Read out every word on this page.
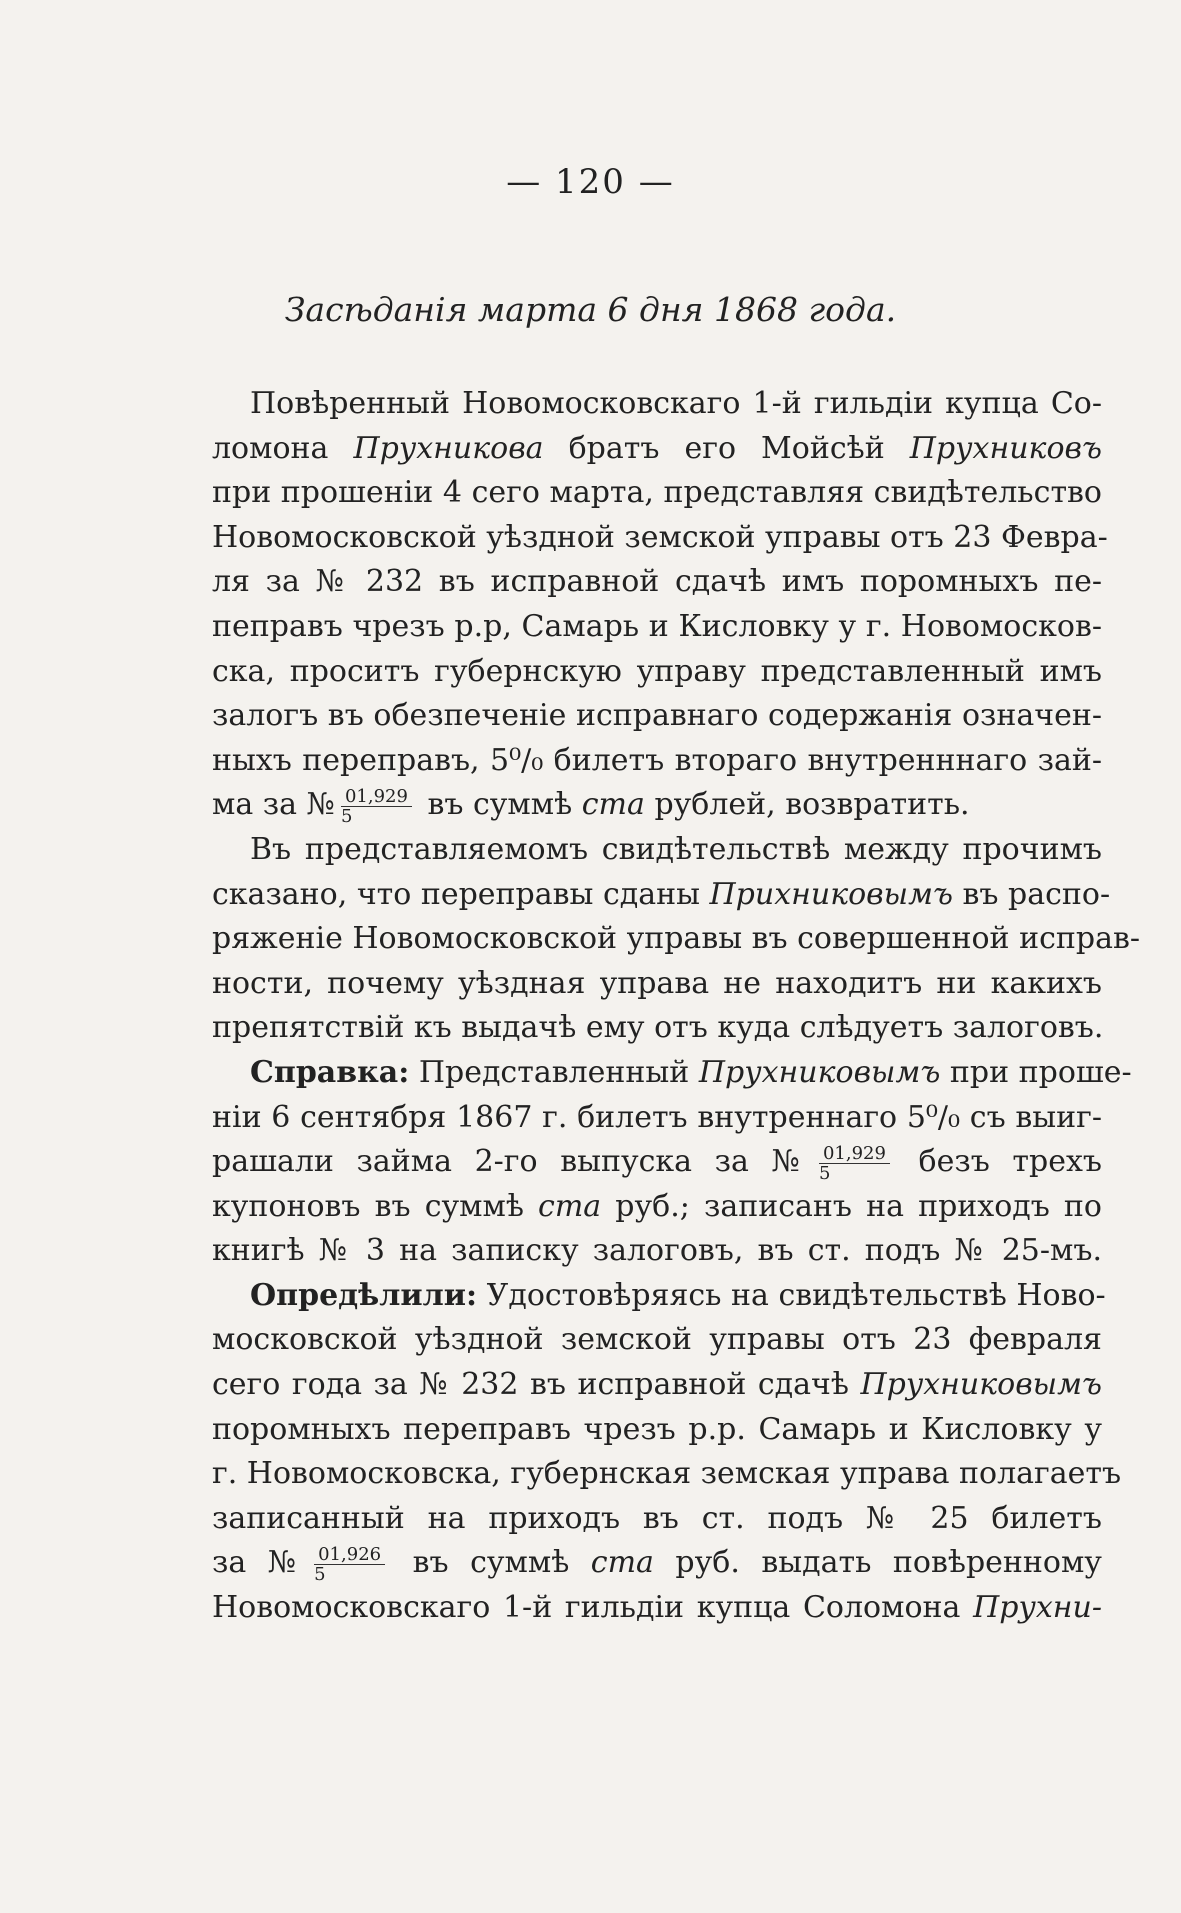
— 120 —
Засѣданія марта 6 дня 1868 года.
Повѣренный Новомосковскаго 1-й гильдіи купца Со-
ломона Прухникова братъ его Мойсѣй Прухниковъ
при прошеніи 4 сего марта, представляя свидѣтельство
Новомосковской уѣздной земской управы отъ 23 Февра-
ля за № 232 въ исправной сдачѣ имъ поромныхъ пе-
пеправъ чрезъ р.р, Самарь и Кисловку у г. Новомосков-
ска, проситъ губернскую управу представленный имъ
залогъ въ обезпеченіе исправнаго содержанія означен-
ныхъ переправъ, 5⁰/₀ билетъ втораго внутренннаго зай-
ма за № $\frac{01,929}{5}$ въ суммѣ ста рублей, возвратить.
Въ представляемомъ свидѣтельствѣ между прочимъ
сказано, что переправы сданы Прихниковымъ въ распо-
ряженіе Новомосковской управы въ совершенной исправ-
ности, почему уѣздная управа не находитъ ни какихъ
препятствій къ выдачѣ ему отъ куда слѣдуетъ залоговъ.
Справка: Представленный Прухниковымъ при проше-
ніи 6 сентября 1867 г. билетъ внутреннаго 5⁰/₀ съ выиг-
рашали займа 2-го выпуска за № $\frac{01,929}{5}$ безъ трехъ
купоновъ въ суммѣ ста руб.; записанъ на приходъ по
книгѣ № 3 на записку залоговъ, въ ст. подъ № 25-мъ.
Опредѣлили: Удостовѣряясь на свидѣтельствѣ Ново-
московской уѣздной земской управы отъ 23 февраля
сего года за № 232 въ исправной сдачѣ Прухниковымъ
поромныхъ переправъ чрезъ р.р. Самарь и Кисловку у
г. Новомосковска, губернская земская управа полагаетъ
записанный на приходъ въ ст. подъ № 25 билетъ
за № $\frac{01,926}{5}$ въ суммѣ ста руб. выдать повѣренному
Новомосковскаго 1-й гильдіи купца Соломона Прухни-
